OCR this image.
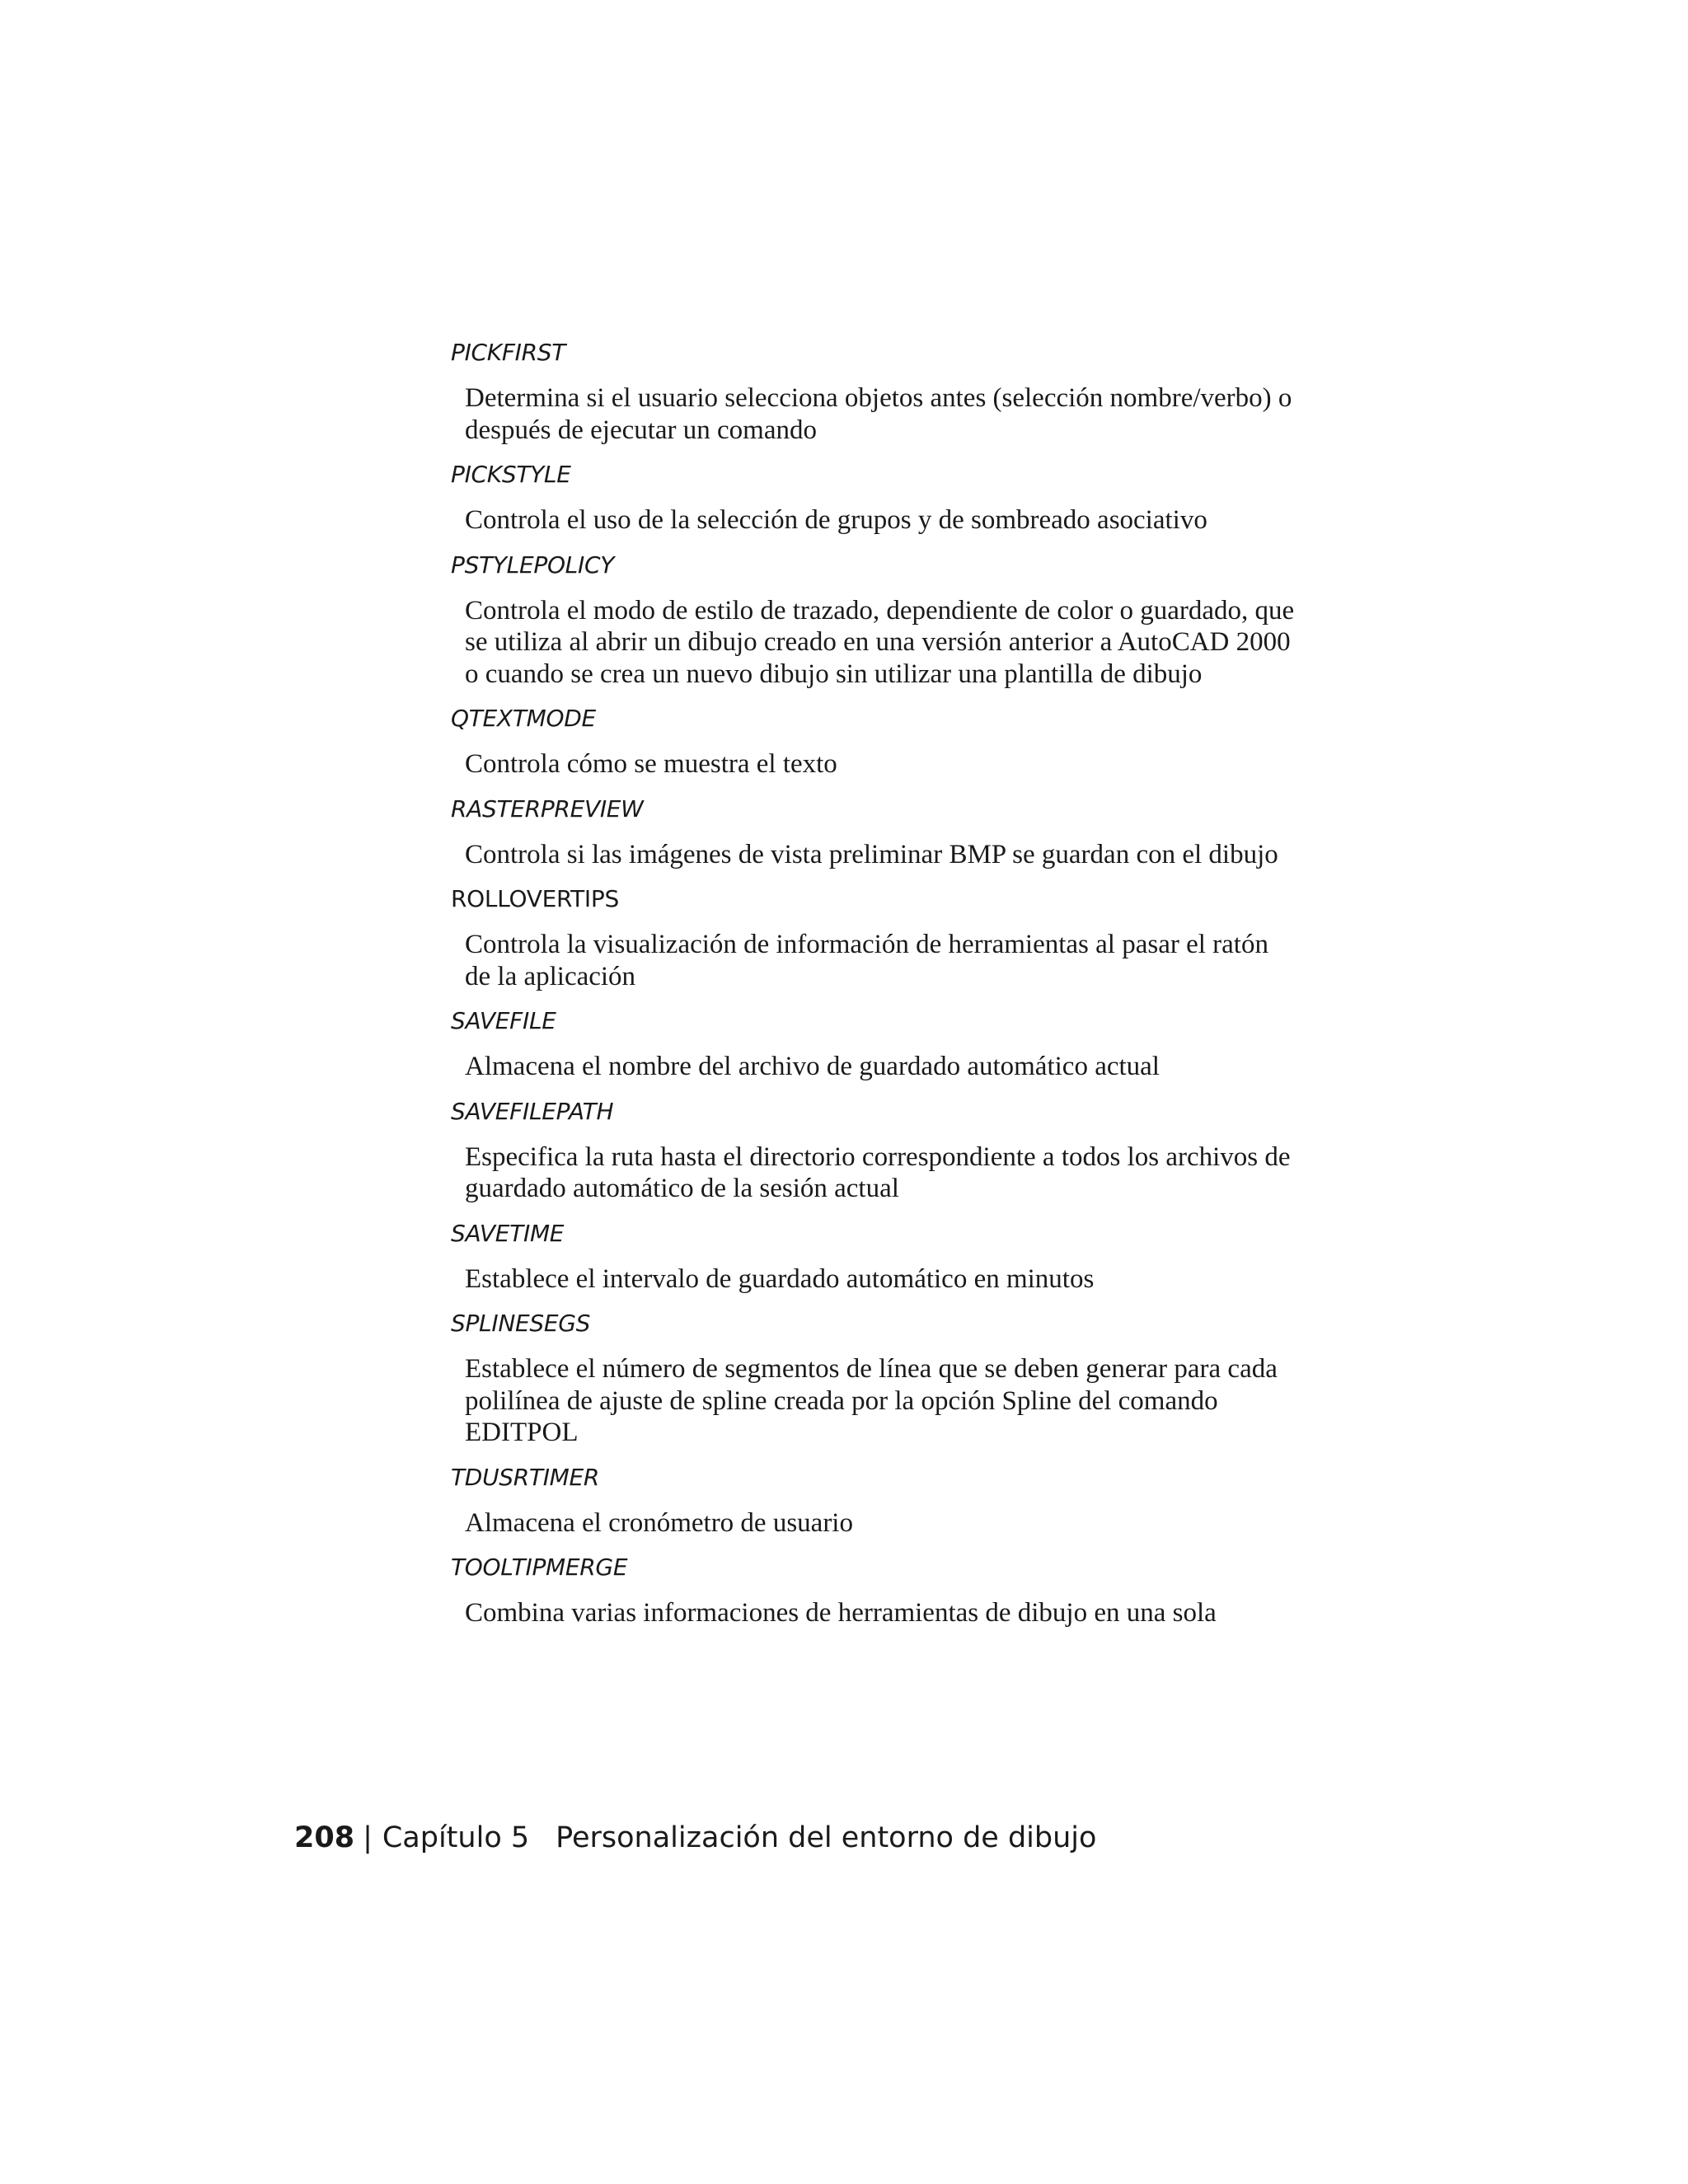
PICKFIRST
Determina si el usuario selecciona objetos antes (selección nombre/verbo) o
después de ejecutar un comando
PICKSTYLE
Controla el uso de la selección de grupos y de sombreado asociativo
PSTYLEPOLICY
Controla el modo de estilo de trazado, dependiente de color o guardado, que
se utiliza al abrir un dibujo creado en una versión anterior a AutoCAD 2000
o cuando se crea un nuevo dibujo sin utilizar una plantilla de dibujo
QTEXTMODE
Controla cómo se muestra el texto
RASTERPREVIEW
Controla si las imágenes de vista preliminar BMP se guardan con el dibujo
ROLLOVERTIPS
Controla la visualización de información de herramientas al pasar el ratón
de la aplicación
SAVEFILE
Almacena el nombre del archivo de guardado automático actual
SAVEFILEPATH
Especifica la ruta hasta el directorio correspondiente a todos los archivos de
guardado automático de la sesión actual
SAVETIME
Establece el intervalo de guardado automático en minutos
SPLINESEGS
Establece el número de segmentos de línea que se deben generar para cada
polilínea de ajuste de spline creada por la opción Spline del comando
EDITPOL
TDUSRTIMER
Almacena el cronómetro de usuario
TOOLTIPMERGE
Combina varias informaciones de herramientas de dibujo en una sola
208 | Capítulo 5 Personalización del entorno de dibujo
